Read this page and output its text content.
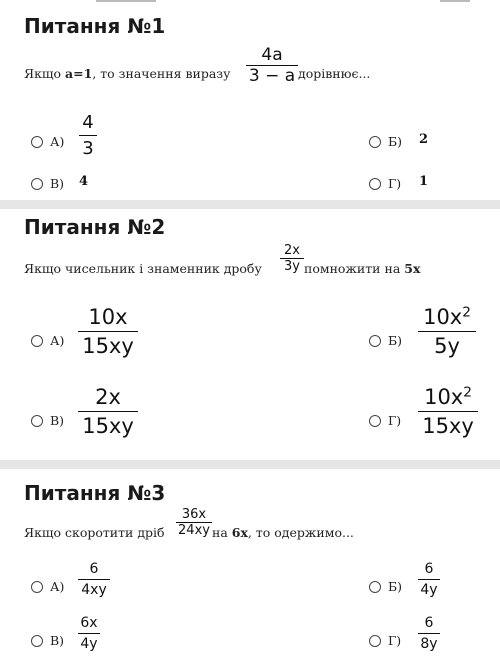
Питання №1
Якщо a=1, то значення виразу
4a
3 − a дорівнює...
А)
4
3	Б) 2
В) 4	Г) 1
Питання №2
Якщо чисельник і знаменник дробу
2x
3y помножити на 5x
А)
10x
15xy	Б)
$10x^2$
5y
В)
2x
15xy	Г)
$10x^2$
15xy
Питання №3
Якщо скоротити дріб
36x
24xy на 6x, то одержимо...
А)
6
4xy	Б)
6
4y
В)
6x
4y	Г)
6
8y
